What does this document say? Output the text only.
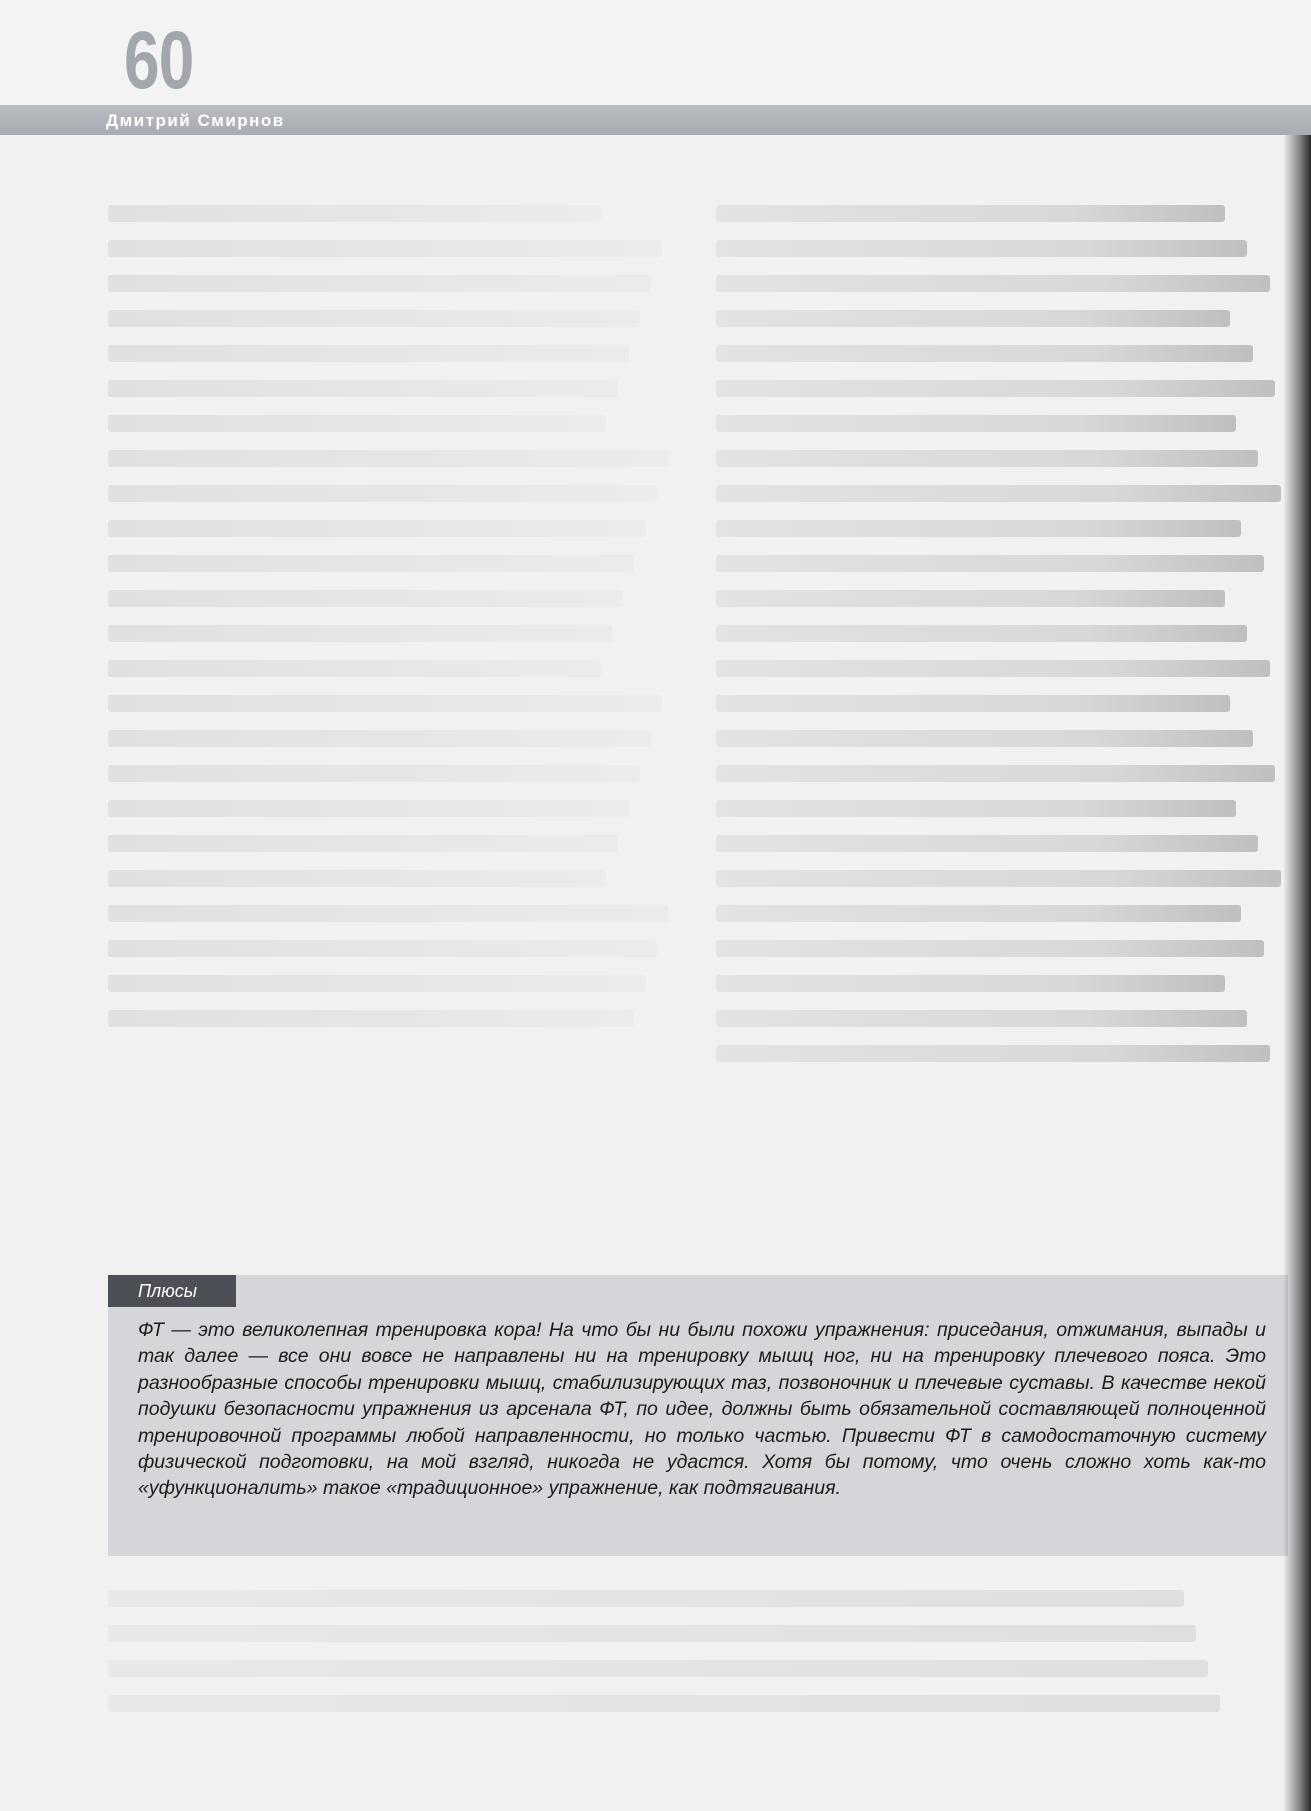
60
Дмитрий Смирнов
Плюсы

ФТ — это великолепная тренировка кора! На что бы ни были похожи упражнения: приседания, отжимания, выпады и так далее — все они вовсе не направлены ни на тренировку мышц ног, ни на тренировку плечевого пояса. Это разнообразные способы тренировки мышц, стабилизирующих таз, позвоночник и плечевые суставы. В качестве некой подушки безопасности упражнения из арсенала ФТ, по идее, должны быть обязательной составляющей полноценной тренировочной программы любой направленности, но только частью. Привести ФТ в самодостаточную систему физической подготовки, на мой взгляд, никогда не удастся. Хотя бы потому, что очень сложно хоть как-то «уфункционалить» такое «традиционное» упражнение, как подтягивания.
